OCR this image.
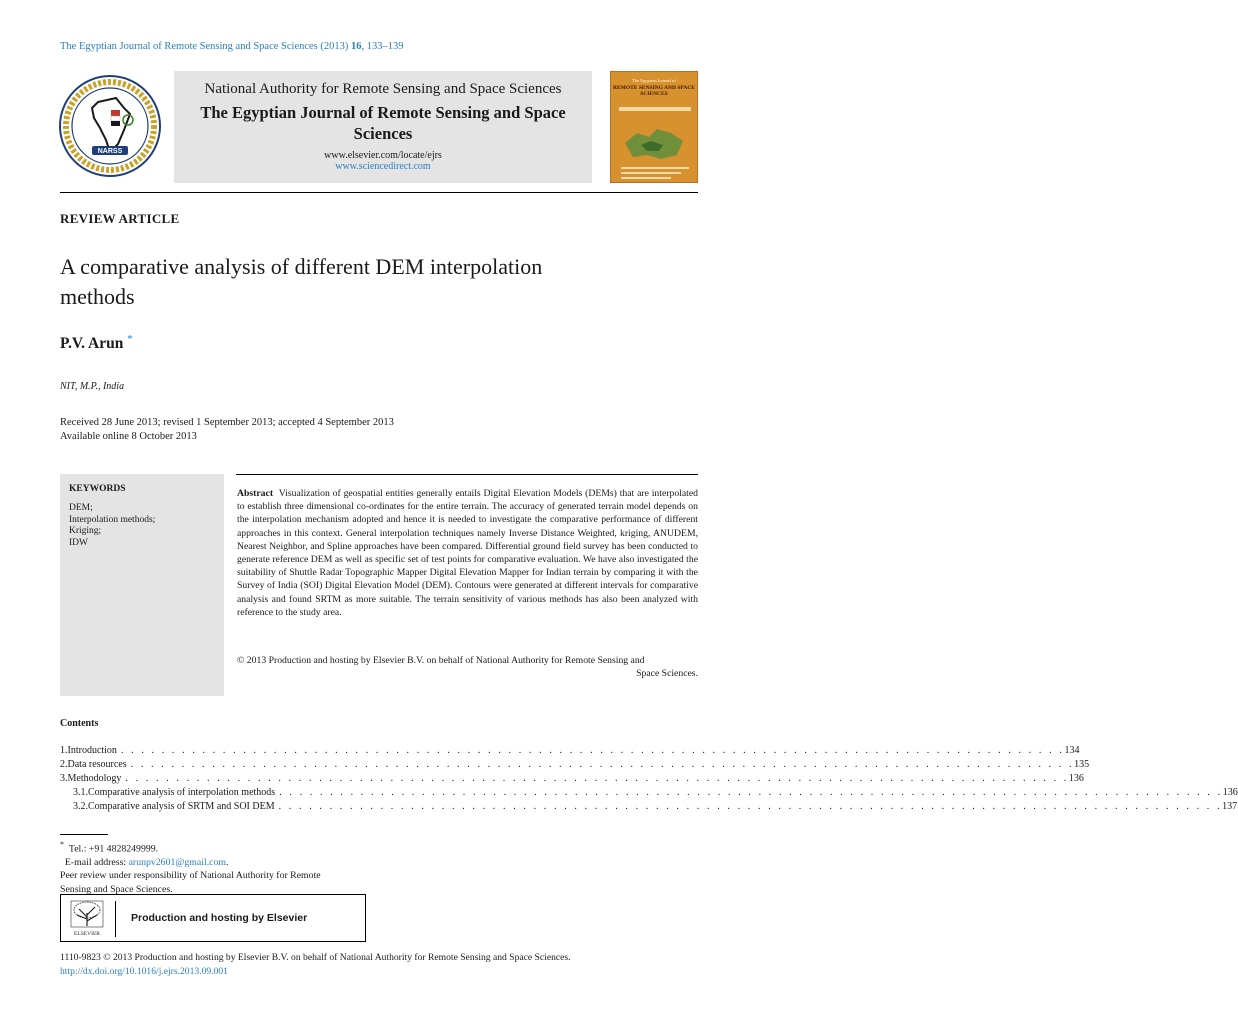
The Egyptian Journal of Remote Sensing and Space Sciences (2013) 16, 133–139
NARSS
National Authority for Remote Sensing and Space Sciences
The Egyptian Journal of Remote Sensing and Space Sciences
www.elsevier.com/locate/ejrs
www.sciencedirect.com
The Egyptian Journal of
REMOTE SENSING AND SPACE SCIENCES
REVIEW ARTICLE
A comparative analysis of different DEM interpolation methods
P.V. Arun *
NIT, M.P., India
Received 28 June 2013; revised 1 September 2013; accepted 4 September 2013
Available online 8 October 2013
KEYWORDS
DEM;
Interpolation methods;
Kriging;
IDW
Abstract Visualization of geospatial entities generally entails Digital Elevation Models (DEMs) that are interpolated to establish three dimensional co-ordinates for the entire terrain. The accuracy of generated terrain model depends on the interpolation mechanism adopted and hence it is needed to investigate the comparative performance of different approaches in this context. General interpolation techniques namely Inverse Distance Weighted, kriging, ANUDEM, Nearest Neighbor, and Spline approaches have been compared. Differential ground field survey has been conducted to generate reference DEM as well as specific set of test points for comparative evaluation. We have also investigated the suitability of Shuttle Radar Topographic Mapper Digital Elevation Mapper for Indian terrain by comparing it with the Survey of India (SOI) Digital Elevation Model (DEM). Contours were generated at different intervals for comparative analysis and found SRTM as more suitable. The terrain sensitivity of various methods has also been analyzed with reference to the study area.
© 2013 Production and hosting by Elsevier B.V. on behalf of National Authority for Remote Sensing and
Space Sciences.
Contents
1. Introduction . . . . . . . . . . . . . . . . . . . . . . . . . . . . . . . . . . . . . . . . . . . . . . . . . . . . . . . . . . . . . . . . . . . . . . . . . . . . . . . . . . . . . . . . . . . . . 134
2. Data resources . . . . . . . . . . . . . . . . . . . . . . . . . . . . . . . . . . . . . . . . . . . . . . . . . . . . . . . . . . . . . . . . . . . . . . . . . . . . . . . . . . . . . . . . . . . . . 135
3. Methodology . . . . . . . . . . . . . . . . . . . . . . . . . . . . . . . . . . . . . . . . . . . . . . . . . . . . . . . . . . . . . . . . . . . . . . . . . . . . . . . . . . . . . . . . . . . . . 136
3.1. Comparative analysis of interpolation methods . . . . . . . . . . . . . . . . . . . . . . . . . . . . . . . . . . . . . . . . . . . . . . . . . . . . . . . . . . . . . . . . . . . . . . . . . . . . . . . . . . . . . . . . . . . . . 136
3.2. Comparative analysis of SRTM and SOI DEM . . . . . . . . . . . . . . . . . . . . . . . . . . . . . . . . . . . . . . . . . . . . . . . . . . . . . . . . . . . . . . . . . . . . . . . . . . . . . . . . . . . . . . . . . . . . . 137
* Tel.: +91 4828249999.
E-mail address: arunpv2601@gmail.com.
Peer review under responsibility of National Authority for Remote
Sensing and Space Sciences.
ELSEVIER
Production and hosting by Elsevier
1110-9823 © 2013 Production and hosting by Elsevier B.V. on behalf of National Authority for Remote Sensing and Space Sciences.
http://dx.doi.org/10.1016/j.ejrs.2013.09.001
